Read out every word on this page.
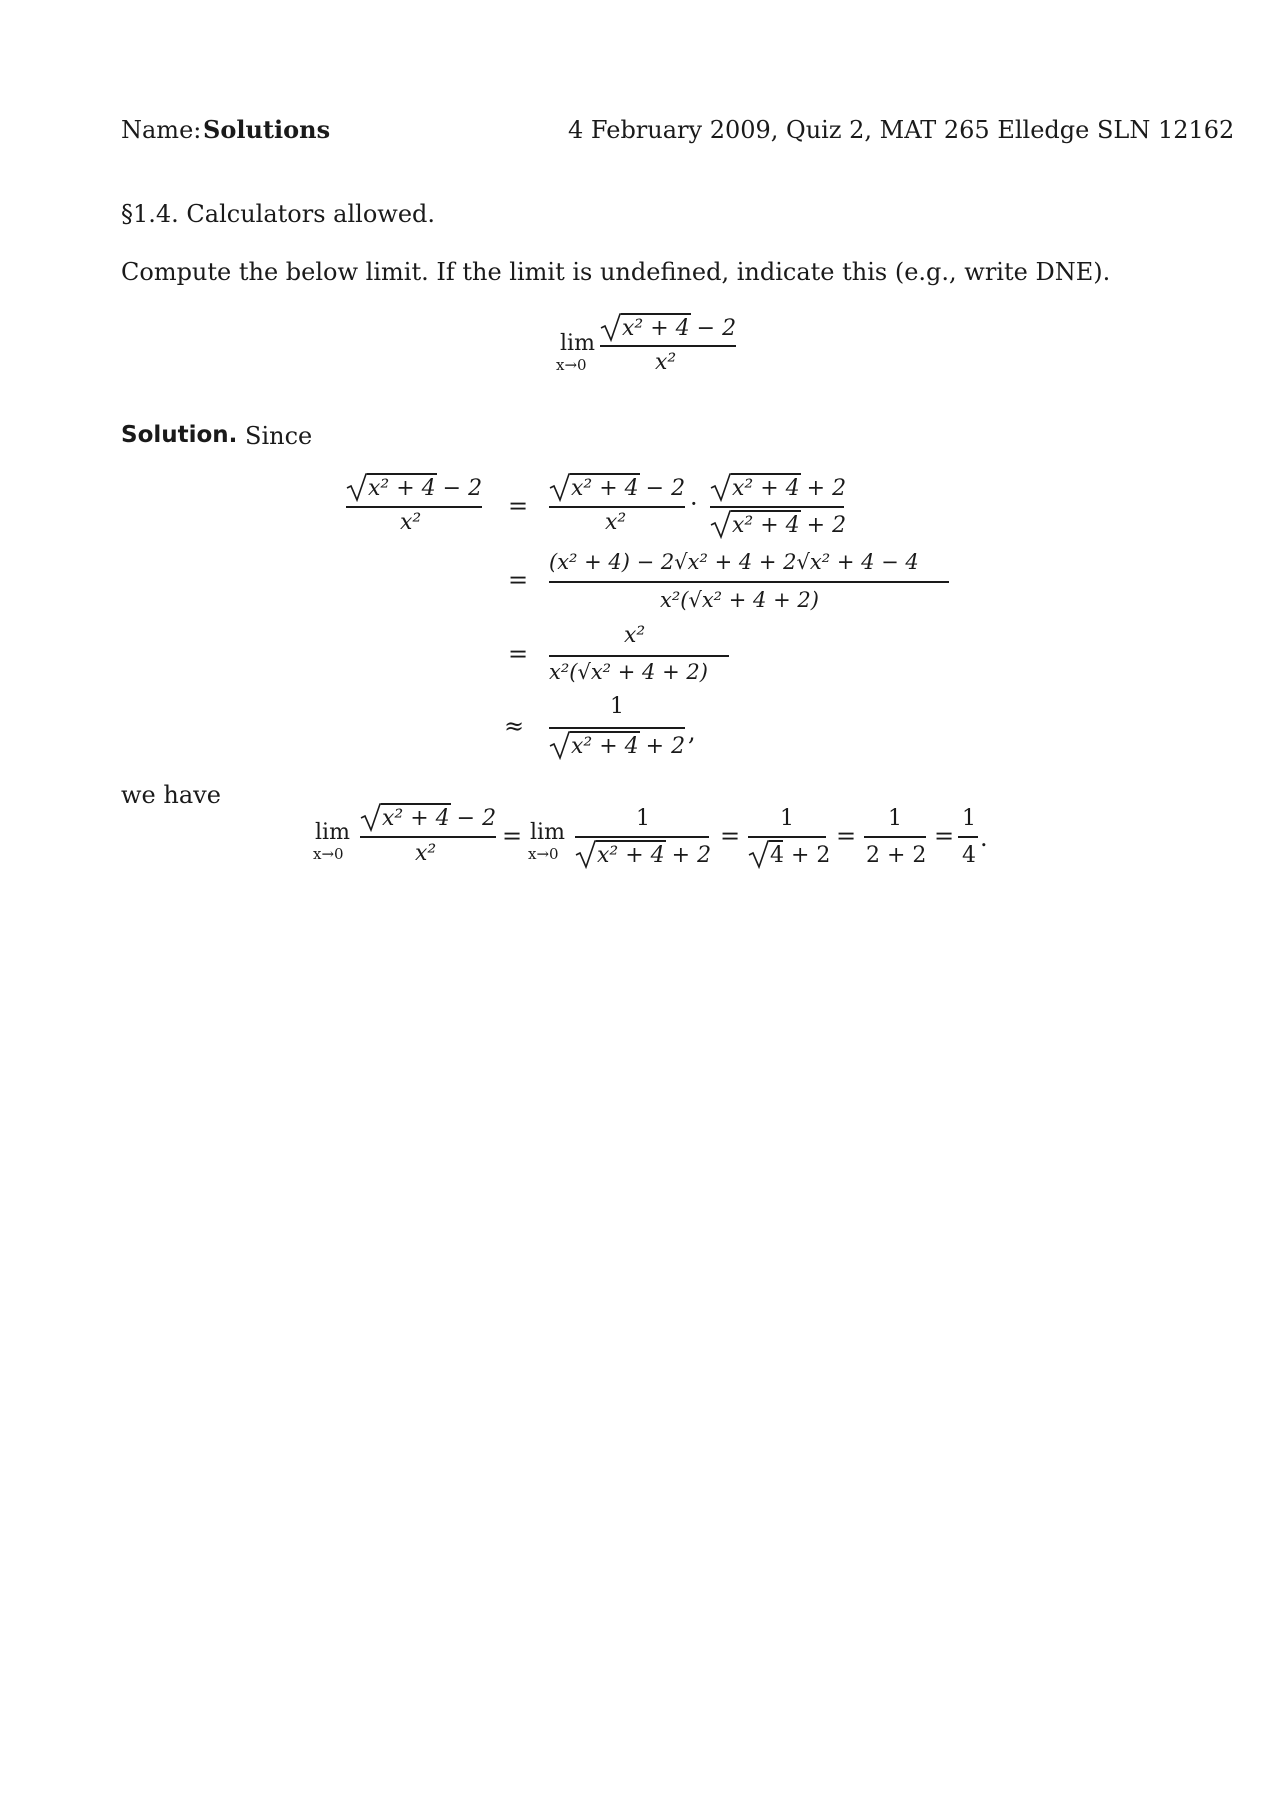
Name: Solutions	4 February 2009, Quiz 2, MAT 265 Elledge SLN 12162
§1.4. Calculators allowed.
Compute the below limit. If the limit is undefined, indicate this (e.g., write DNE).
lim
x→0
x² + 4 − 2
x²
Solution. Since
x² + 4 − 2
x²
=
x² + 4 − 2
x²
·
x² + 4 + 2
x² + 4 + 2
=
(x² + 4) − 2√x² + 4 + 2√x² + 4 − 4
x²(√x² + 4 + 2)
=
x²
x²(√x² + 4 + 2)
≈
1
x² + 4 + 2
,
we have
lim
x→0
x² + 4 − 2
x²
= lim
x→0
1
x² + 4 + 2
=
1
4 + 2
=
1
2 + 2
=
1
4
.
